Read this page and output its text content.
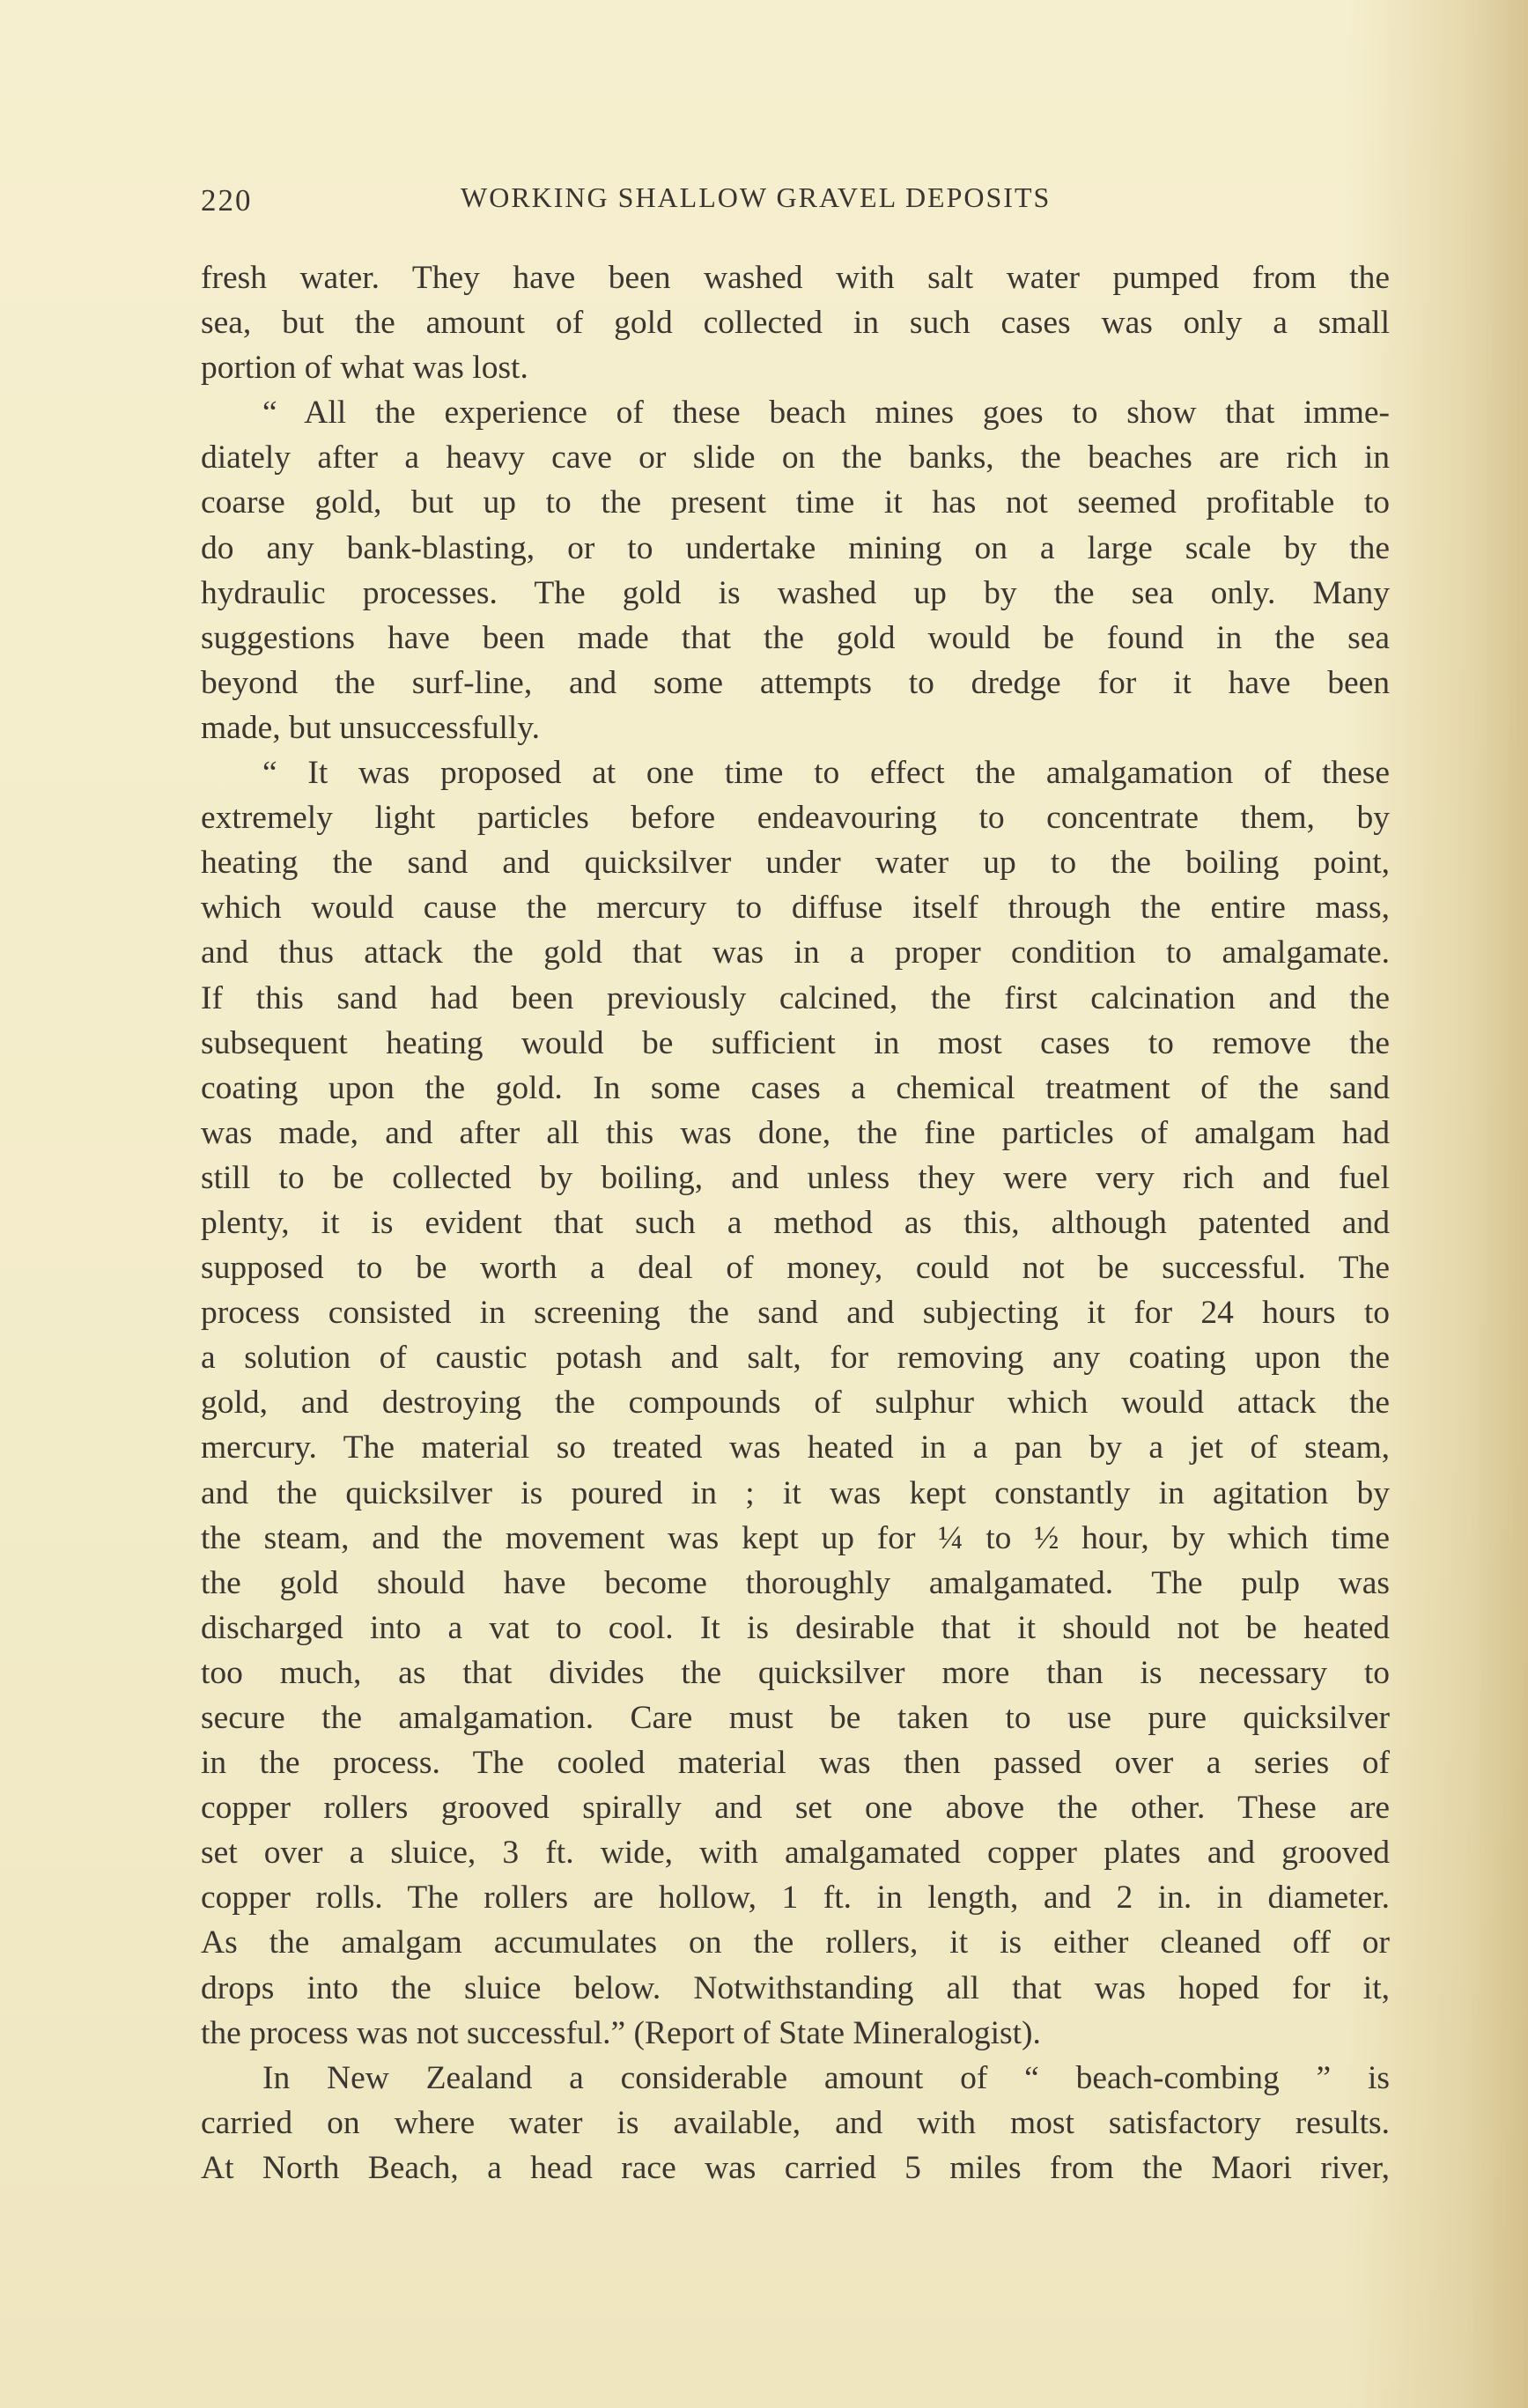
220	WORKING SHALLOW GRAVEL DEPOSITS
fresh water. They have been washed with salt water pumped from the
sea, but the amount of gold collected in such cases was only a small
portion of what was lost.
“ All the experience of these beach mines goes to show that imme-
diately after a heavy cave or slide on the banks, the beaches are rich in
coarse gold, but up to the present time it has not seemed profitable to
do any bank-blasting, or to undertake mining on a large scale by the
hydraulic processes. The gold is washed up by the sea only. Many
suggestions have been made that the gold would be found in the sea
beyond the surf-line, and some attempts to dredge for it have been
made, but unsuccessfully.
“ It was proposed at one time to effect the amalgamation of these
extremely light particles before endeavouring to concentrate them, by
heating the sand and quicksilver under water up to the boiling point,
which would cause the mercury to diffuse itself through the entire mass,
and thus attack the gold that was in a proper condition to amalgamate.
If this sand had been previously calcined, the first calcination and the
subsequent heating would be sufficient in most cases to remove the
coating upon the gold. In some cases a chemical treatment of the sand
was made, and after all this was done, the fine particles of amalgam had
still to be collected by boiling, and unless they were very rich and fuel
plenty, it is evident that such a method as this, although patented and
supposed to be worth a deal of money, could not be successful. The
process consisted in screening the sand and subjecting it for 24 hours to
a solution of caustic potash and salt, for removing any coating upon the
gold, and destroying the compounds of sulphur which would attack the
mercury. The material so treated was heated in a pan by a jet of steam,
and the quicksilver is poured in ; it was kept constantly in agitation by
the steam, and the movement was kept up for ¼ to ½ hour, by which time
the gold should have become thoroughly amalgamated. The pulp was
discharged into a vat to cool. It is desirable that it should not be heated
too much, as that divides the quicksilver more than is necessary to
secure the amalgamation. Care must be taken to use pure quicksilver
in the process. The cooled material was then passed over a series of
copper rollers grooved spirally and set one above the other. These are
set over a sluice, 3 ft. wide, with amalgamated copper plates and grooved
copper rolls. The rollers are hollow, 1 ft. in length, and 2 in. in diameter.
As the amalgam accumulates on the rollers, it is either cleaned off or
drops into the sluice below. Notwithstanding all that was hoped for it,
the process was not successful.” (Report of State Mineralogist).
In New Zealand a considerable amount of “ beach-combing ” is
carried on where water is available, and with most satisfactory results.
At North Beach, a head race was carried 5 miles from the Maori river,
